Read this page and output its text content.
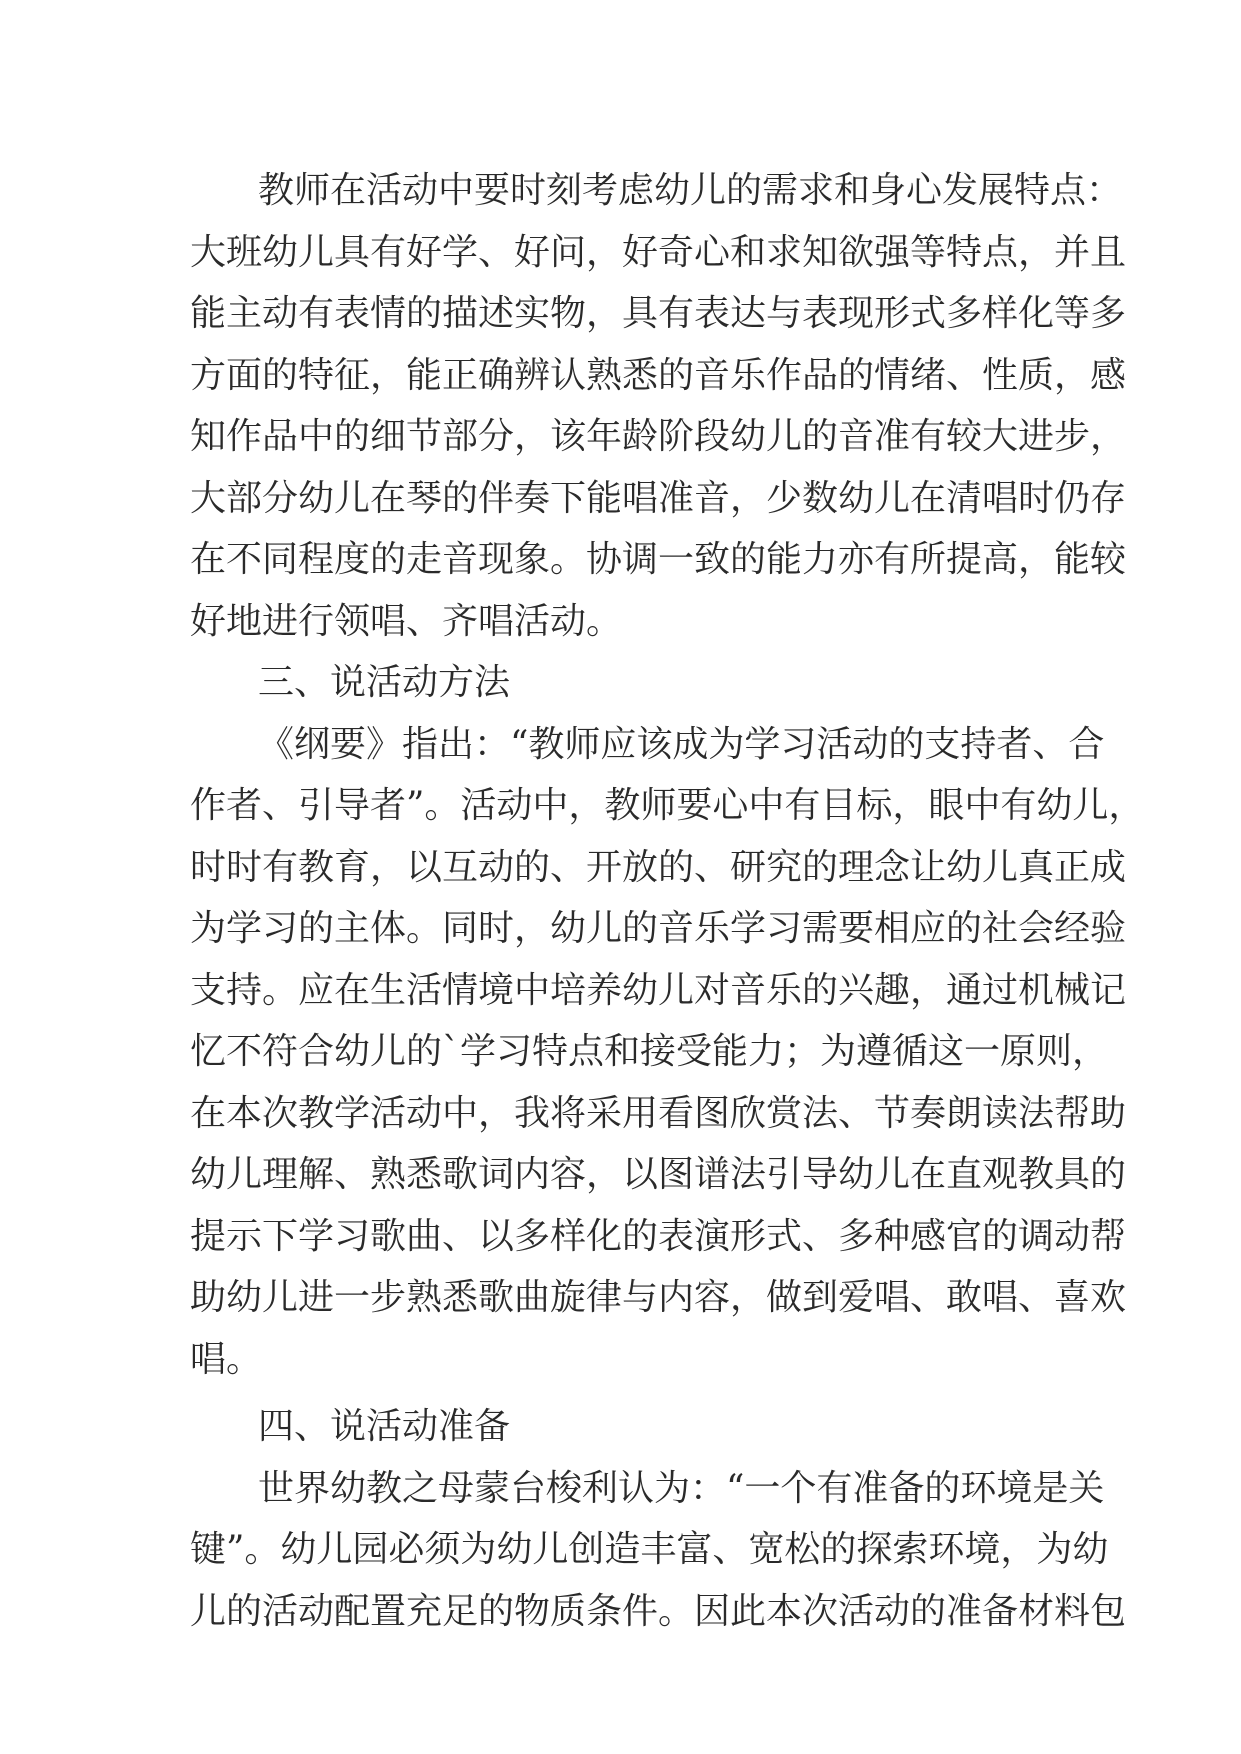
教师在活动中要时刻考虑幼儿的需求和身心发展特点：
大班幼儿具有好学、好问，好奇心和求知欲强等特点，并且
能主动有表情的描述实物，具有表达与表现形式多样化等多
方面的特征，能正确辨认熟悉的音乐作品的情绪、性质，感
知作品中的细节部分，该年龄阶段幼儿的音准有较大进步，
大部分幼儿在琴的伴奏下能唱准音，少数幼儿在清唱时仍存
在不同程度的走音现象。协调一致的能力亦有所提高，能较
好地进行领唱、齐唱活动。
三、说活动方法
《纲要》指出：“教师应该成为学习活动的支持者、合
作者、引导者”。活动中，教师要心中有目标，眼中有幼儿，
时时有教育，以互动的、开放的、研究的理念让幼儿真正成
为学习的主体。同时，幼儿的音乐学习需要相应的社会经验
支持。应在生活情境中培养幼儿对音乐的兴趣，通过机械记
忆不符合幼儿的`学习特点和接受能力；为遵循这一原则，
在本次教学活动中，我将采用看图欣赏法、节奏朗读法帮助
幼儿理解、熟悉歌词内容，以图谱法引导幼儿在直观教具的
提示下学习歌曲、以多样化的表演形式、多种感官的调动帮
助幼儿进一步熟悉歌曲旋律与内容，做到爱唱、敢唱、喜欢
唱。
四、说活动准备
世界幼教之母蒙台梭利认为：“一个有准备的环境是关
键”。幼儿园必须为幼儿创造丰富、宽松的探索环境，为幼
儿的活动配置充足的物质条件。因此本次活动的准备材料包
